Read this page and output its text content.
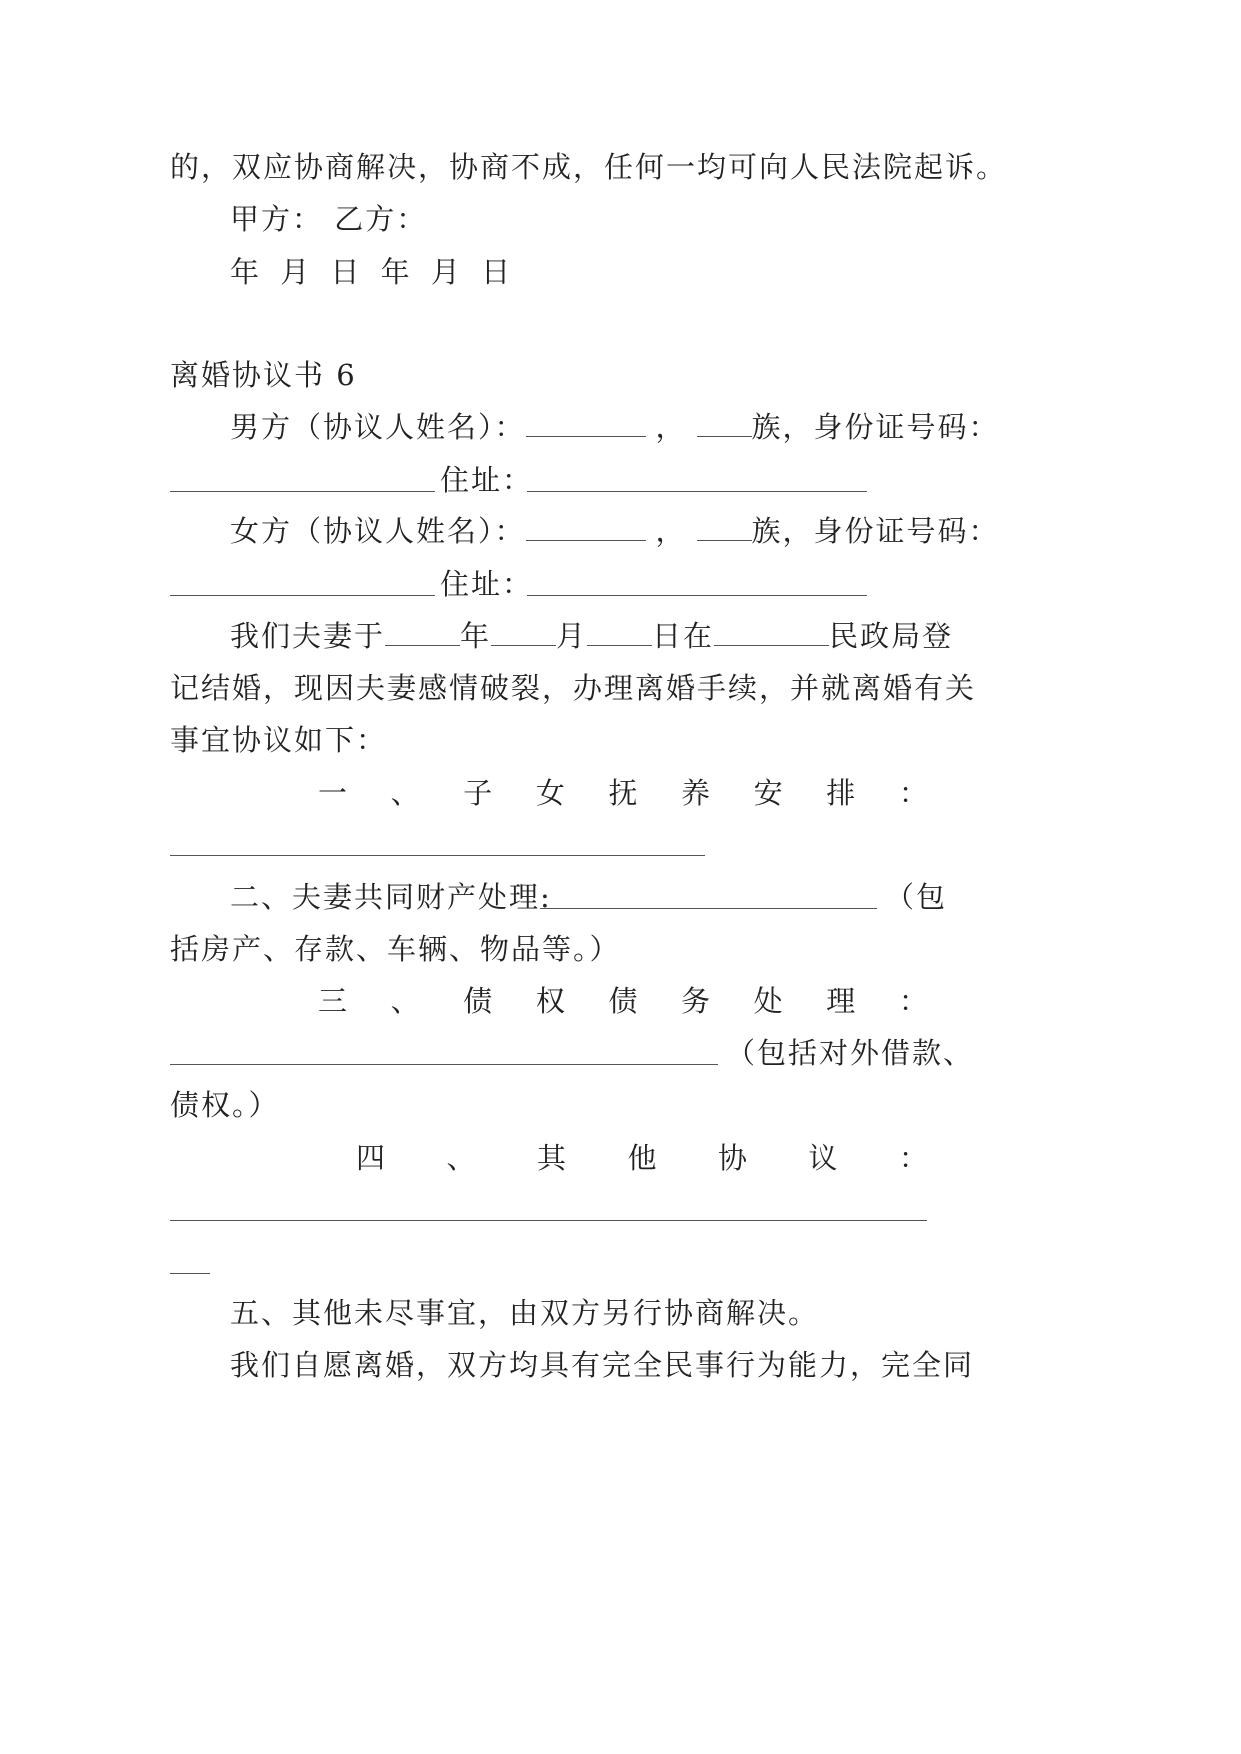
的，双应协商解决，协商不成，任何一均可向人民法院起诉。
甲方： 乙方：
年 月 日 年 月 日
离婚协议书 6
男方（协议人姓名）：	， 族，身份证号码：
住址：
女方（协议人姓名）：	， 族，身份证号码：
住址：
我们夫妻于	年 月 日在	民政局登
记结婚，现因夫妻感情破裂，办理离婚手续，并就离婚有关
事宜协议如下：
一 、 子 女 抚 养 安 排 ：
二、夫妻共同财产处理:	（包
括房产、存款、车辆、物品等。）
三 、 债 权 债 务 处 理 ：
（包括对外借款、
债权。）
四 、 其 他 协 议 ：
五、其他未尽事宜，由双方另行协商解决。
我们自愿离婚，双方均具有完全民事行为能力，完全同
